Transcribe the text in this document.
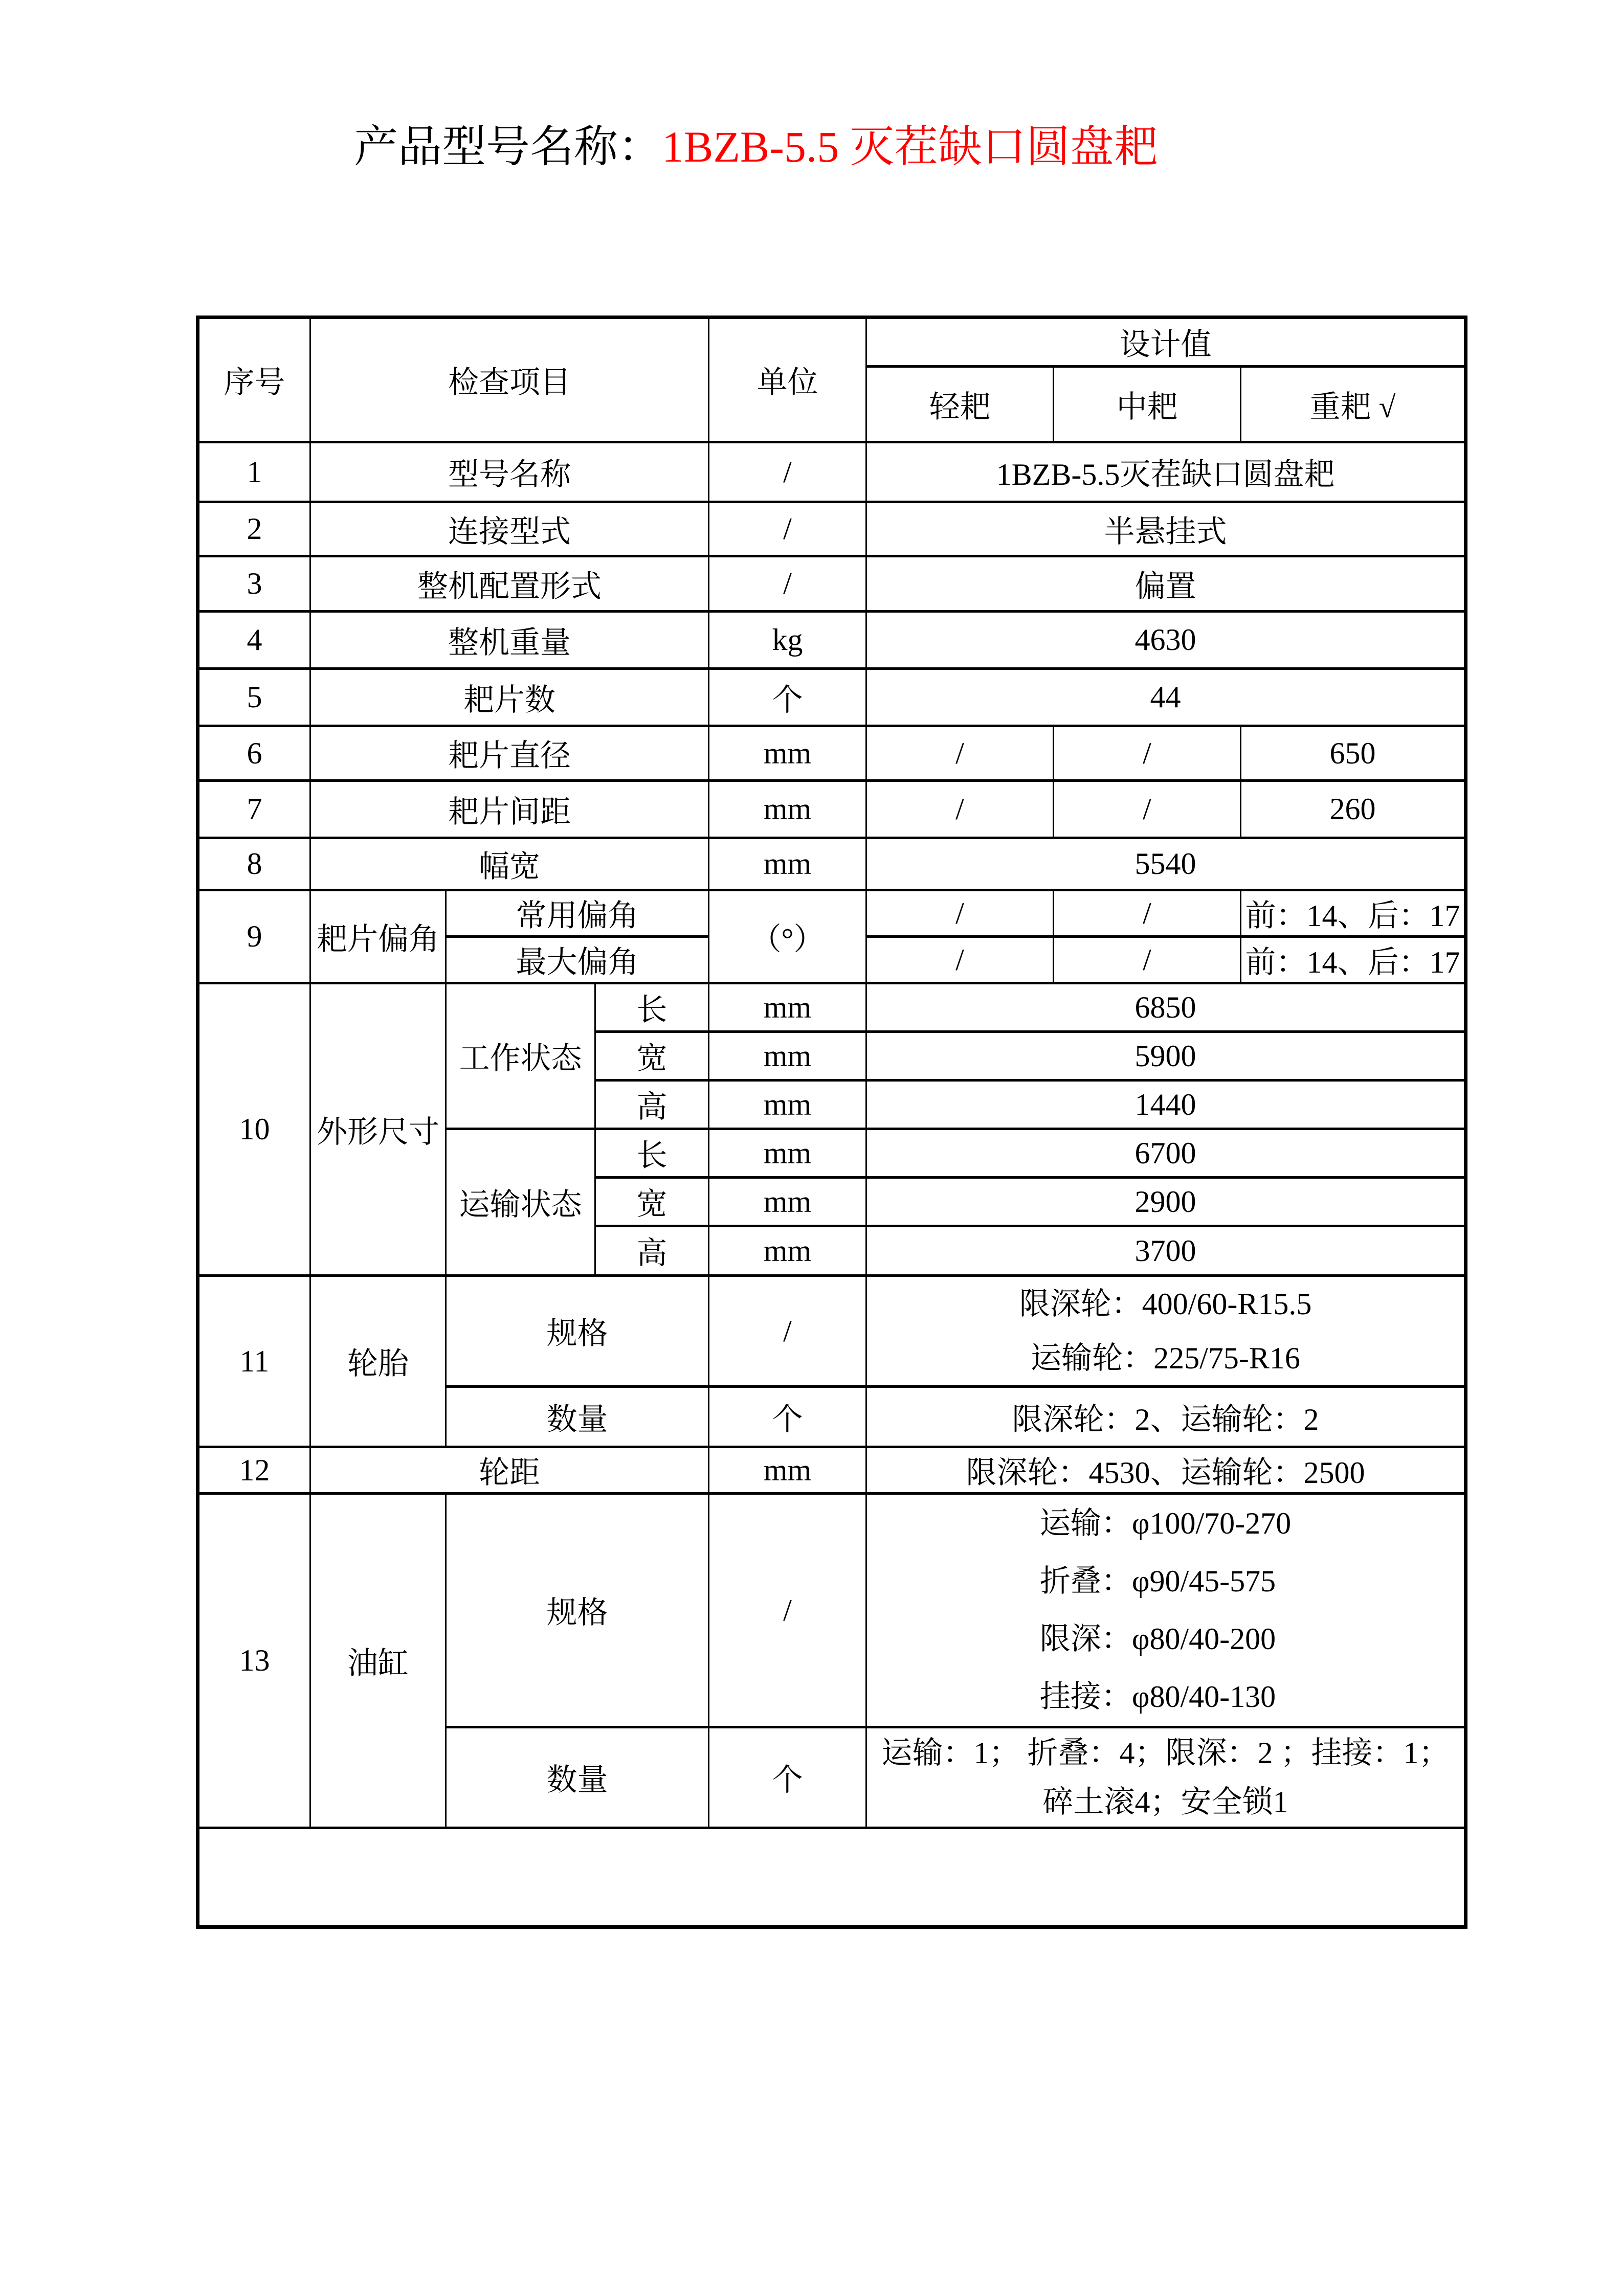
产品型号名称：1BZB-5.5 灭茬缺口圆盘耙
序号	检查项目			单位	设计值		
					轻耙	中耙	重耙 √
1	型号名称			/	1BZB-5.5灭茬缺口圆盘耙		
2	连接型式			/	半悬挂式		
3	整机配置形式			/	偏置		
4	整机重量			kg	4630		
5	耙片数			个	44		
6	耙片直径			mm	/	/	650
7	耙片间距			mm	/	/	260
8	幅宽			mm	5540		
9	耙片偏角	常用偏角		（°）	/	/	前：14、后：17
		最大偏角			/	/	前：14、后：17
10	外形尺寸	工作状态	长	mm	6850		
			宽	mm	5900		
			高	mm	1440		
		运输状态	长	mm	6700		
			宽	mm	2900		
			高	mm	3700		
11	轮胎	规格		/	限深轮：400/60-R15.5
运输轮：225/75-R16		

		数量		个	限深轮：2、运输轮：2		
12	轮距			mm	限深轮：4530、运输轮：2500		
13	油缸	规格		/	运输：φ100/70-270
折叠：φ90/45-575
限深：φ80/40-200
挂接：φ80/40-130		

		数量		个	运输：1； 折叠：4；限深：2 ；挂接：1；碎土滚4；安全锁1		
